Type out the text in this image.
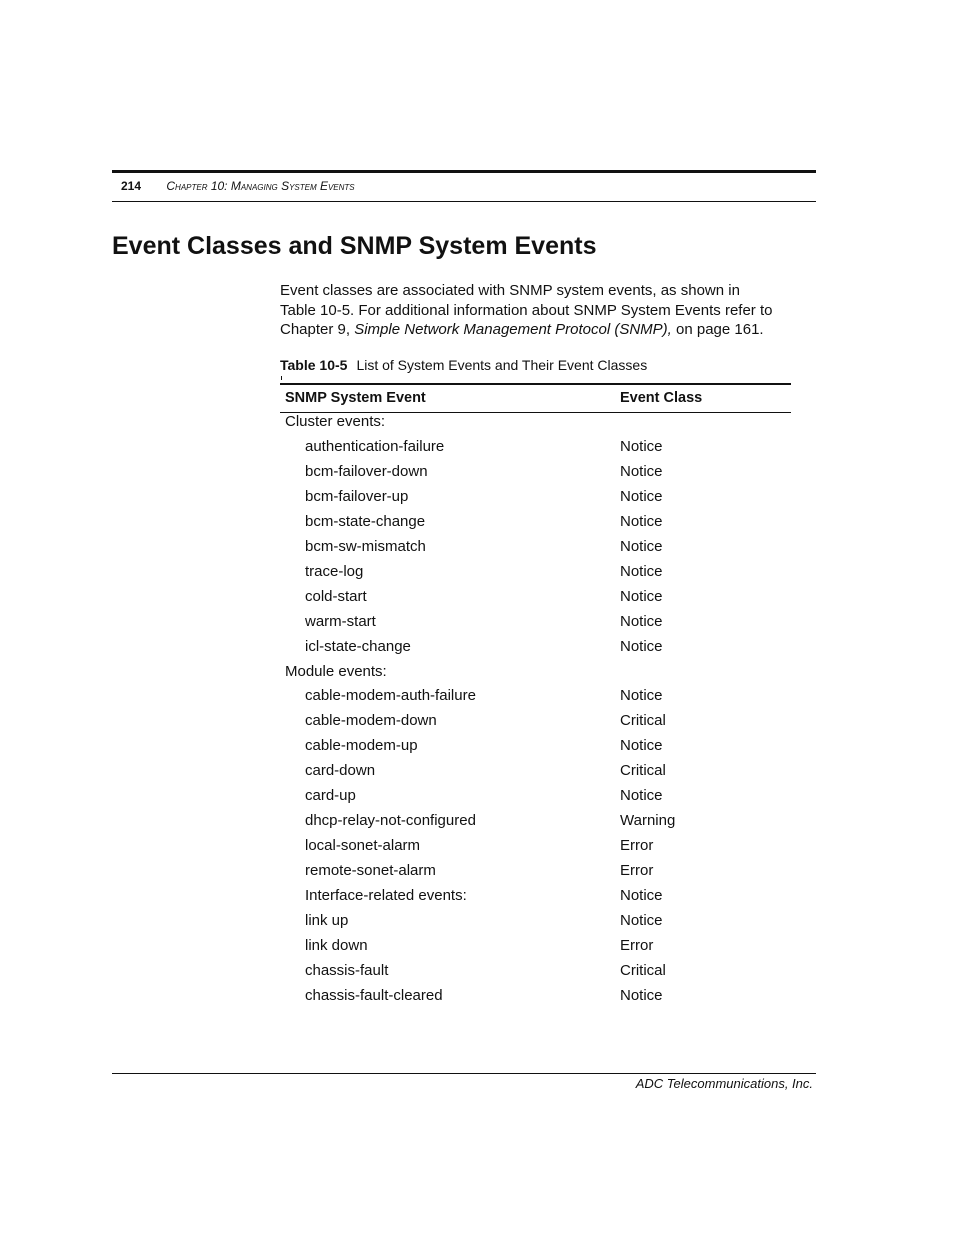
214 Chapter 10: Managing System Events
Event Classes and SNMP System Events

Event classes are associated with SNMP system events, as shown in
Table 10-5. For additional information about SNMP System Events refer to
Chapter 9, Simple Network Management Protocol (SNMP), on page 161.

Table 10-5 List of System Events and Their Event Classes
SNMP System Event	Event Class
Cluster events:
authentication-failure	Notice
bcm-failover-down	Notice
bcm-failover-up	Notice
bcm-state-change	Notice
bcm-sw-mismatch	Notice
trace-log	Notice
cold-start	Notice
warm-start	Notice
icl-state-change	Notice
Module events:
cable-modem-auth-failure	Notice
cable-modem-down	Critical
cable-modem-up	Notice
card-down	Critical
card-up	Notice
dhcp-relay-not-configured	Warning
local-sonet-alarm	Error
remote-sonet-alarm	Error
Interface-related events:	Notice
link up	Notice
link down	Error
chassis-fault	Critical
chassis-fault-cleared	Notice
ADC Telecommunications, Inc.
